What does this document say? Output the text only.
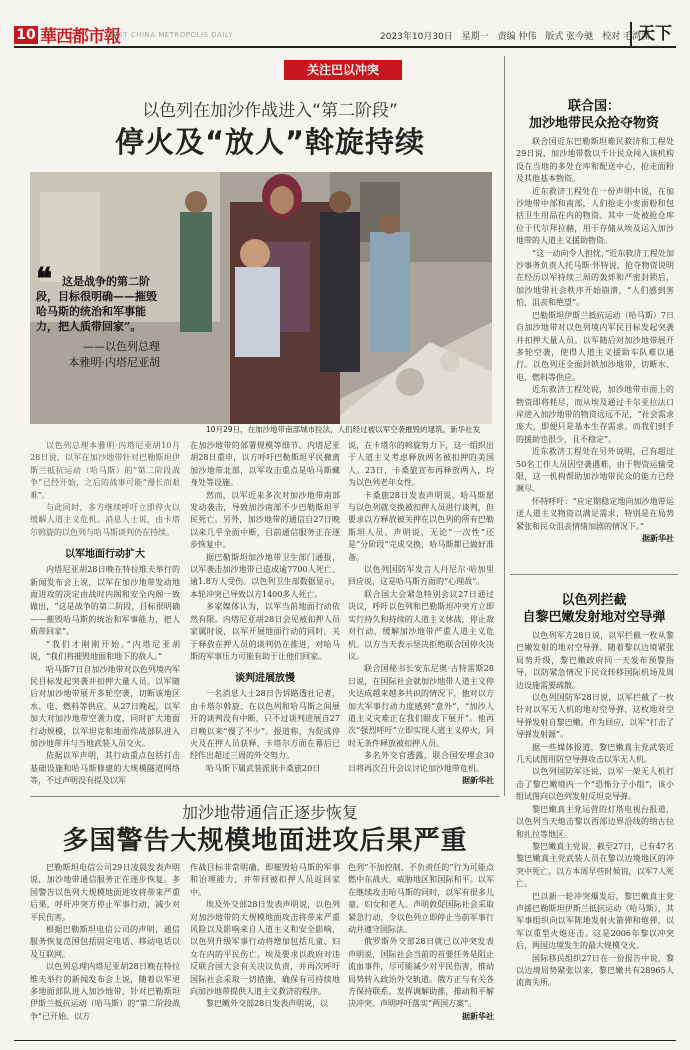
10 華西都市報
WEST CHINA METROPOLIS DAILY	2023年10月30日 星期一 责编 仲伟 版式 张今驰 校对 毛湾渊
天下
关注巴以冲突
以色列在加沙作战进入“第二阶段”
停火及“放人”斡旋持续
❝ 这是战争的第二阶段，目标很明确——摧毁哈马斯的统治和军事能力，把人质带回家”。
——以色列总理
本雅明·内塔尼亚胡
10月29日，在加沙地带南部城市拉法，人们经过被以军空袭摧毁的建筑。新华社发

以色列总理本雅明·内塔尼亚胡10月28日说，以军在加沙地带针对巴勒斯坦伊斯兰抵抗运动（哈马斯）的“第二阶段战争”已经开始，之后的战事可能“漫长而艰难”。

与此同时，多方继续呼吁立即停火以缓解人道主义危机。消息人士说，由卡塔尔斡旋的以色列与哈马斯谈判仍在持续。

以军地面行动扩大

内塔尼亚胡28日晚在特拉维夫举行的新闻发布会上说，以军在加沙地带发动地面进攻的决定由战时内阁和安全内阁一致做出，“这是战争的第二阶段，目标很明确——摧毁哈马斯的统治和军事能力，把人质带回家”。

“我们才刚刚开始。”内塔尼亚胡说，“我们将摧毁地面和地下的敌人。”

哈马斯7日自加沙地带对以色列境内军民目标发起突袭并扣押大量人员。以军随后对加沙地带展开多轮空袭，切断该地区水、电、燃料等供应。从27日晚起，以军加大对加沙地带空袭力度，同时扩大地面行动规模，以军坦克和地面作战部队进入加沙地带并与当地武装人员交火。

依据以军声明，其行动重点包括打击基础设施和哈马斯修建的大规模隧道网络等，不过声明没有提及以军

在加沙地带的部署规模等细节。内塔尼亚胡28日重申，以方呼吁巴勒斯坦平民撤离加沙地带北部，以军攻击重点是哈马斯藏身处等设施。

然而，以军近来多次对加沙地带南部发动袭击，导致加沙南部不少巴勒斯坦平民死亡。另外，加沙地带的通信自27日晚以来几乎全面中断，目前通信服务正在逐步恢复中。

据巴勒斯坦加沙地带卫生部门通报，以军袭击加沙地带已造成逾7700人死亡、逾1.8万人受伤。以色列卫生部数据显示，本轮冲突已导致以方1400多人死亡。

多家媒体认为，以军当前地面行动依然有限。内塔尼亚胡28日会见被扣押人员家属时说，以军开展地面行动的同时，关于释放在押人员的谈判仍在推进，对哈马斯的军事压力可能有助于让他们回家。

谈判进展放慢

一名消息人士28日告诉路透社记者，由卡塔尔斡旋、在以色列和哈马斯之间展开的谈判没有中断，只不过谈判进展自27日晚以来“慢了不少”。报道称，为促成停火及在押人员获释，卡塔尔方面在幕后已经作出超过三周的外交努力。

哈马斯下属武装派别卡桑旅20日

说，在卡塔尔的斡旋努力下，这一组织出于人道主义考虑释放两名被扣押的美国人。23日，卡桑旅宣布再释放两人，均为以色列老年女性。

卡桑旅28日发表声明说，哈马斯愿与以色列就交换被扣押人员进行谈判，但要求以方释放被关押在以色列的所有巴勒斯坦人员。声明说，无论“一次性”还是“分阶段”完成交换，哈马斯都已做好准备。

以色列国防军发言人丹尼尔·哈加里回应说，这是哈马斯方面的“心理战”。

联合国大会紧急特别会议27日通过决议，呼吁以色列和巴勒斯坦冲突方立即实行持久和持续的人道主义休战，停止敌对行动，缓解加沙地带严重人道主义危机。以方当天表示坚决拒绝联合国停火决议。

联合国秘书长安东尼奥·古特雷斯28日说，在国际社会就加沙地带人道主义停火达成越来越多共识的情况下，他对以方加大军事行动力度感到“意外”，“加沙人道主义灾难正在我们眼皮下展开”。他再次“强烈呼吁”立即实现人道主义停火，同时无条件释放被扣押人员。

多名外交官透露，联合国安理会30日将再次召开会议讨论加沙地带危机。

据新华社
联合国：
加沙地带民众抢夺物资

联合国近东巴勒斯坦难民救济和工程处29日说，加沙地带数以千计民众闯入该机构设在当地的多处仓库和配送中心，抢走面粉及其他基本物资。

近东救济工程处在一份声明中说，在加沙地带中部和南部，人们抢走小麦面粉和包括卫生用品在内的物资。其中一处被抢仓库位于代尔拜拉赫，用于存储从埃及运入加沙地带的人道主义援助物资。

“这一动向令人担忧，”近东救济工程处加沙事务负责人托马斯·怀特说，抢夺物资说明在经历以军持续三周的轰炸和严密封锁后，加沙地带社会秩序开始崩溃，“人们感到害怕、沮丧和绝望”。

巴勒斯坦伊斯兰抵抗运动（哈马斯）7日自加沙地带对以色列境内军民目标发起突袭并扣押大量人员。以军随后对加沙地带展开多轮空袭，使得人道主义援助车队难以通行。以色列还全面封锁加沙地带，切断水、电、燃料等供应。

近东救济工程处说，加沙地带市面上的物资即将耗尽，而从埃及通过卡尔亚拉法口岸进入加沙地带的物资远远不足，“社会需求庞大，即便只是基本生存需求。而我们到手的援助也很少，且不稳定”。

近东救济工程处在另外说明，已有超过50名工作人员因空袭遇难，由于物资运输受限，这一机构帮助加沙地带民众的能力已经濒尽。

怀特呼吁：“应定期稳定地向加沙地带运送人道主义物资以满足需求，特别是在局势紧张和民众沮丧情绪加剧的情况下。”

据新华社
以色列拦截
自黎巴嫩发射地对空导弹

以色列军方28日说，以军拦截一枚从黎巴嫩发射的地对空导弹。随着黎以边境紧张局势升级，黎巴嫩政府同一天发布预警指导，以防紧急情况下民众转移国际机场及周边设施需要疏散。

以色列国防军28日说，以军拦截了一枚针对以军无人机的地对空导弹，这枚地对空导弹发射自黎巴嫩。作为回应，以军“打击了导弹发射源”。

据一些媒体报道，黎巴嫩真主党武装近几天试图用防空导弹攻击以军无人机。

以色列国防军还说，以军一架无人机打击了黎巴嫩境内一个“恐怖分子小组”，该小组试图向以色列发射反坦克导弹。

黎巴嫩真主党运营的灯塔电视台报道，以色列当天炮击黎以西部边界沿线的纳古拉和扎拉等地区。

黎巴嫩真主党说，截至27日，已有47名黎巴嫩真主党武装人员在黎以边境地区的冲突中死亡。以方本周早些时候说，以军7人死亡。

巴以新一轮冲突爆发后，黎巴嫩真主党声援巴勒斯坦伊斯兰抵抗运动（哈马斯），其军事组织向以军陈地发射火箭弹和炮弹，以军以重型火炮还击。这是2006年黎以冲突后，两国边境发生的最大规模交火。

国际移民组织27日在一份报告中说，黎以边境局势紧张以来，黎巴嫩共有28965人流离失所。

加沙地带通信正逐步恢复
多国警告大规模地面进攻后果严重

巴勒斯坦电信公司29日凌晨发表声明说，加沙地带通信服务正在逐步恢复。多国警告以色列大规模地面进攻将带来严重后果，呼吁冲突方停止军事行动，减少对平民伤害。

根据巴勒斯坦电信公司的声明，通信服务恢复范围包括固定电话、移动电话以及互联网。

以色列总理内塔尼亚胡28日晚在特拉维夫举行的新闻发布会上说，随着以军更多地面部队进入加沙地带，针对巴勒斯坦伊斯兰抵抗运动（哈马斯）的“第二阶段战争”已开始。以方

作战目标非常明确，即摧毁哈马斯的军事和治理能力，并带回被扣押人员返回家中。

埃及外交部28日发表声明说，以色列对加沙地带的大规模地面攻击将带来严重风险以及影响来自人道主义和安全影响，以色列升级军事行动将增加包括儿童、妇女在内的平民伤亡。埃及要求以政府对违反联合国大会有关决议负责，并再次呼吁国际社会采取一切措施，确保有可持续地向加沙地带提供人道主义救济的程序。

黎巴嫩外交部28日发表声明说，以

色列“不加控制、不负责任的”行为可能点燃中东战火，威胁地区和国际和平。以军在继续攻击哈马斯的同时，以军有很多儿童、妇女和老人。声明敦促国际社会采取紧急行动，令以色列立即停止当前军事行动并遵守国际法。

俄罗斯外交部28日就已以冲突发表声明说，国际社会当前的首要任务是阻止流血事件，尽可能减少对平民伤害，推动局势转入政治外交轨道。俄方正与有关各方保持联系，发挥调解助推，推动和平解决冲突。声明呼吁落实“两国方案”。

据新华社
